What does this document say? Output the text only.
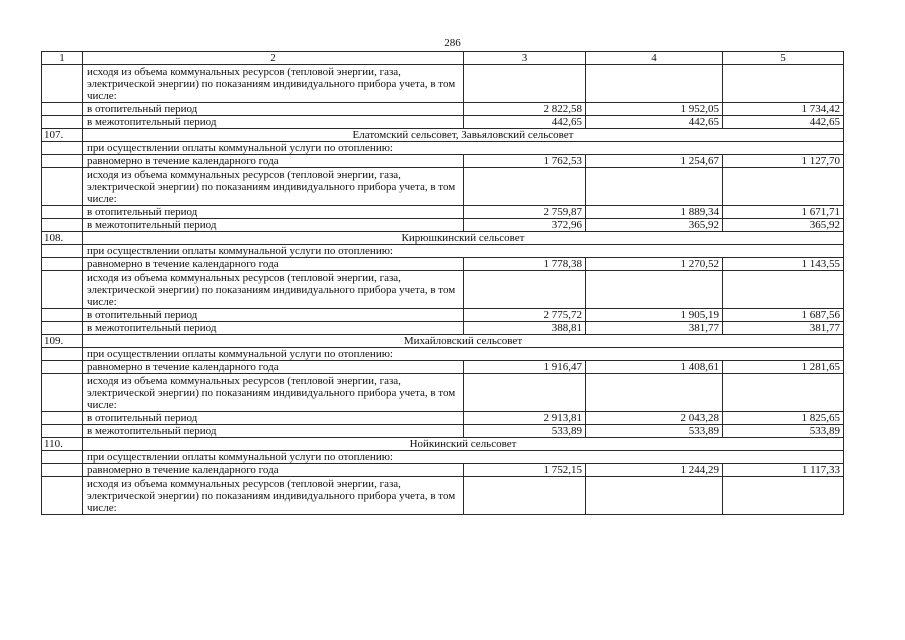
286
1	2	3	4	5
	исходя из объема коммунальных ресурсов (тепловой энергии, газа, электрической энергии) по показаниям индивидуального прибора учета, в том числе:			
	в отопительный период	2 822,58	1 952,05	1 734,42
	в межотопительный период	442,65	442,65	442,65
107.	Елатомский сельсовет, Завьяловский сельсовет			
	при осуществлении оплаты коммунальной услуги по отоплению:			
	равномерно в течение календарного года	1 762,53	1 254,67	1 127,70
	исходя из объема коммунальных ресурсов (тепловой энергии, газа, электрической энергии) по показаниям индивидуального прибора учета, в том числе:			
	в отопительный период	2 759,87	1 889,34	1 671,71
	в межотопительный период	372,96	365,92	365,92
108.	Кирюшкинский сельсовет			
	при осуществлении оплаты коммунальной услуги по отоплению:			
	равномерно в течение календарного года	1 778,38	1 270,52	1 143,55
	исходя из объема коммунальных ресурсов (тепловой энергии, газа, электрической энергии) по показаниям индивидуального прибора учета, в том числе:			
	в отопительный период	2 775,72	1 905,19	1 687,56
	в межотопительный период	388,81	381,77	381,77
109.	Михайловский сельсовет			
	при осуществлении оплаты коммунальной услуги по отоплению:			
	равномерно в течение календарного года	1 916,47	1 408,61	1 281,65
	исходя из объема коммунальных ресурсов (тепловой энергии, газа, электрической энергии) по показаниям индивидуального прибора учета, в том числе:			
	в отопительный период	2 913,81	2 043,28	1 825,65
	в межотопительный период	533,89	533,89	533,89
110.	Нойкинский сельсовет			
	при осуществлении оплаты коммунальной услуги по отоплению:			
	равномерно в течение календарного года	1 752,15	1 244,29	1 117,33
	исходя из объема коммунальных ресурсов (тепловой энергии, газа, электрической энергии) по показаниям индивидуального прибора учета, в том числе:			
